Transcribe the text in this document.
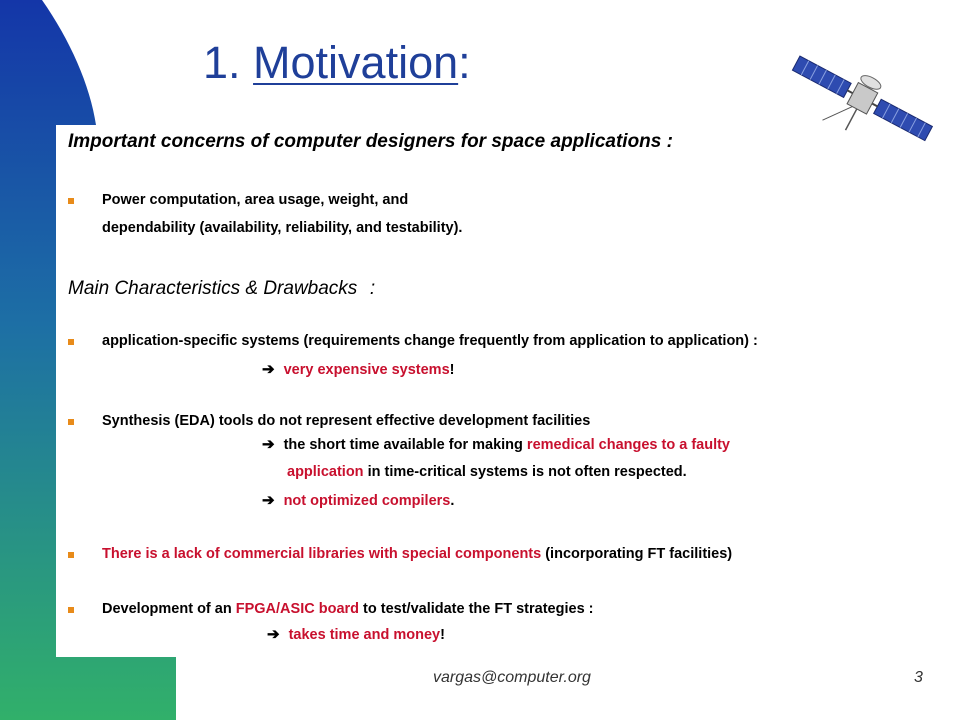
1. Motivation:
Important concerns of computer designers for space applications :
Power computation, area usage, weight, and
dependability (availability, reliability, and testability).
Main Characteristics & Drawbacks :
application-specific systems (requirements change frequently from application to application) :
➔ very expensive systems!
Synthesis (EDA) tools do not represent effective development facilities
➔ the short time available for making remedical changes to a faulty
application in time-critical systems is not often respected.
➔ not optimized compilers.
There is a lack of commercial libraries with special components (incorporating FT facilities)
Development of an FPGA/ASIC board to test/validate the FT strategies :
➔ takes time and money!
vargas@computer.org	3
